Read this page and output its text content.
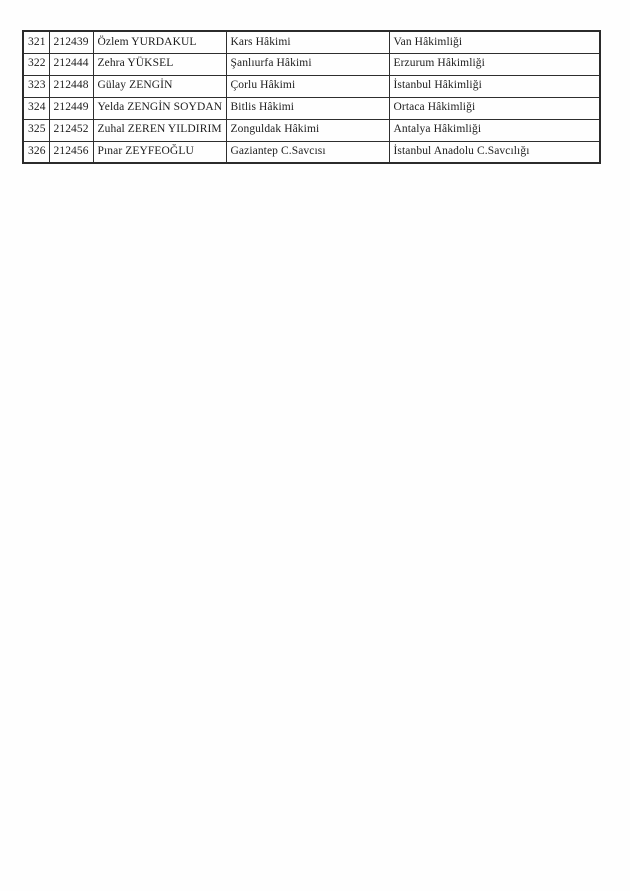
321	212439	Özlem YURDAKUL	Kars Hâkimi	Van Hâkimliği
322	212444	Zehra YÜKSEL	Şanlıurfa Hâkimi	Erzurum Hâkimliği
323	212448	Gülay ZENGİN	Çorlu Hâkimi	İstanbul Hâkimliği
324	212449	Yelda ZENGİN SOYDAN	Bitlis Hâkimi	Ortaca Hâkimliği
325	212452	Zuhal ZEREN YILDIRIM	Zonguldak Hâkimi	Antalya Hâkimliği
326	212456	Pınar ZEYFEOĞLU	Gaziantep C.Savcısı	İstanbul Anadolu C.Savcılığı
